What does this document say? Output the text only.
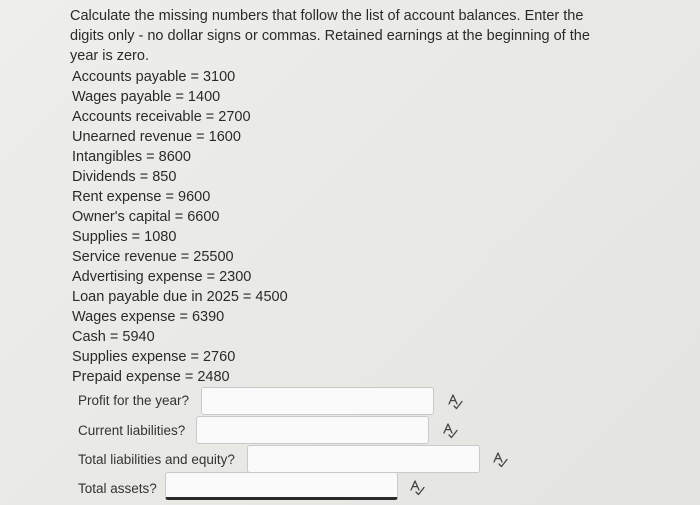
Calculate the missing numbers that follow the list of account balances. Enter the
digits only - no dollar signs or commas. Retained earnings at the beginning of the
year is zero.
Accounts payable = 3100
Wages payable = 1400
Accounts receivable = 2700
Unearned revenue = 1600
Intangibles = 8600
Dividends = 850
Rent expense = 9600
Owner's capital = 6600
Supplies = 1080
Service revenue = 25500
Advertising expense = 2300
Loan payable due in 2025 = 4500
Wages expense = 6390
Cash = 5940
Supplies expense = 2760
Prepaid expense = 2480
Profit for the year?
Current liabilities?
Total liabilities and equity?
Total assets?
